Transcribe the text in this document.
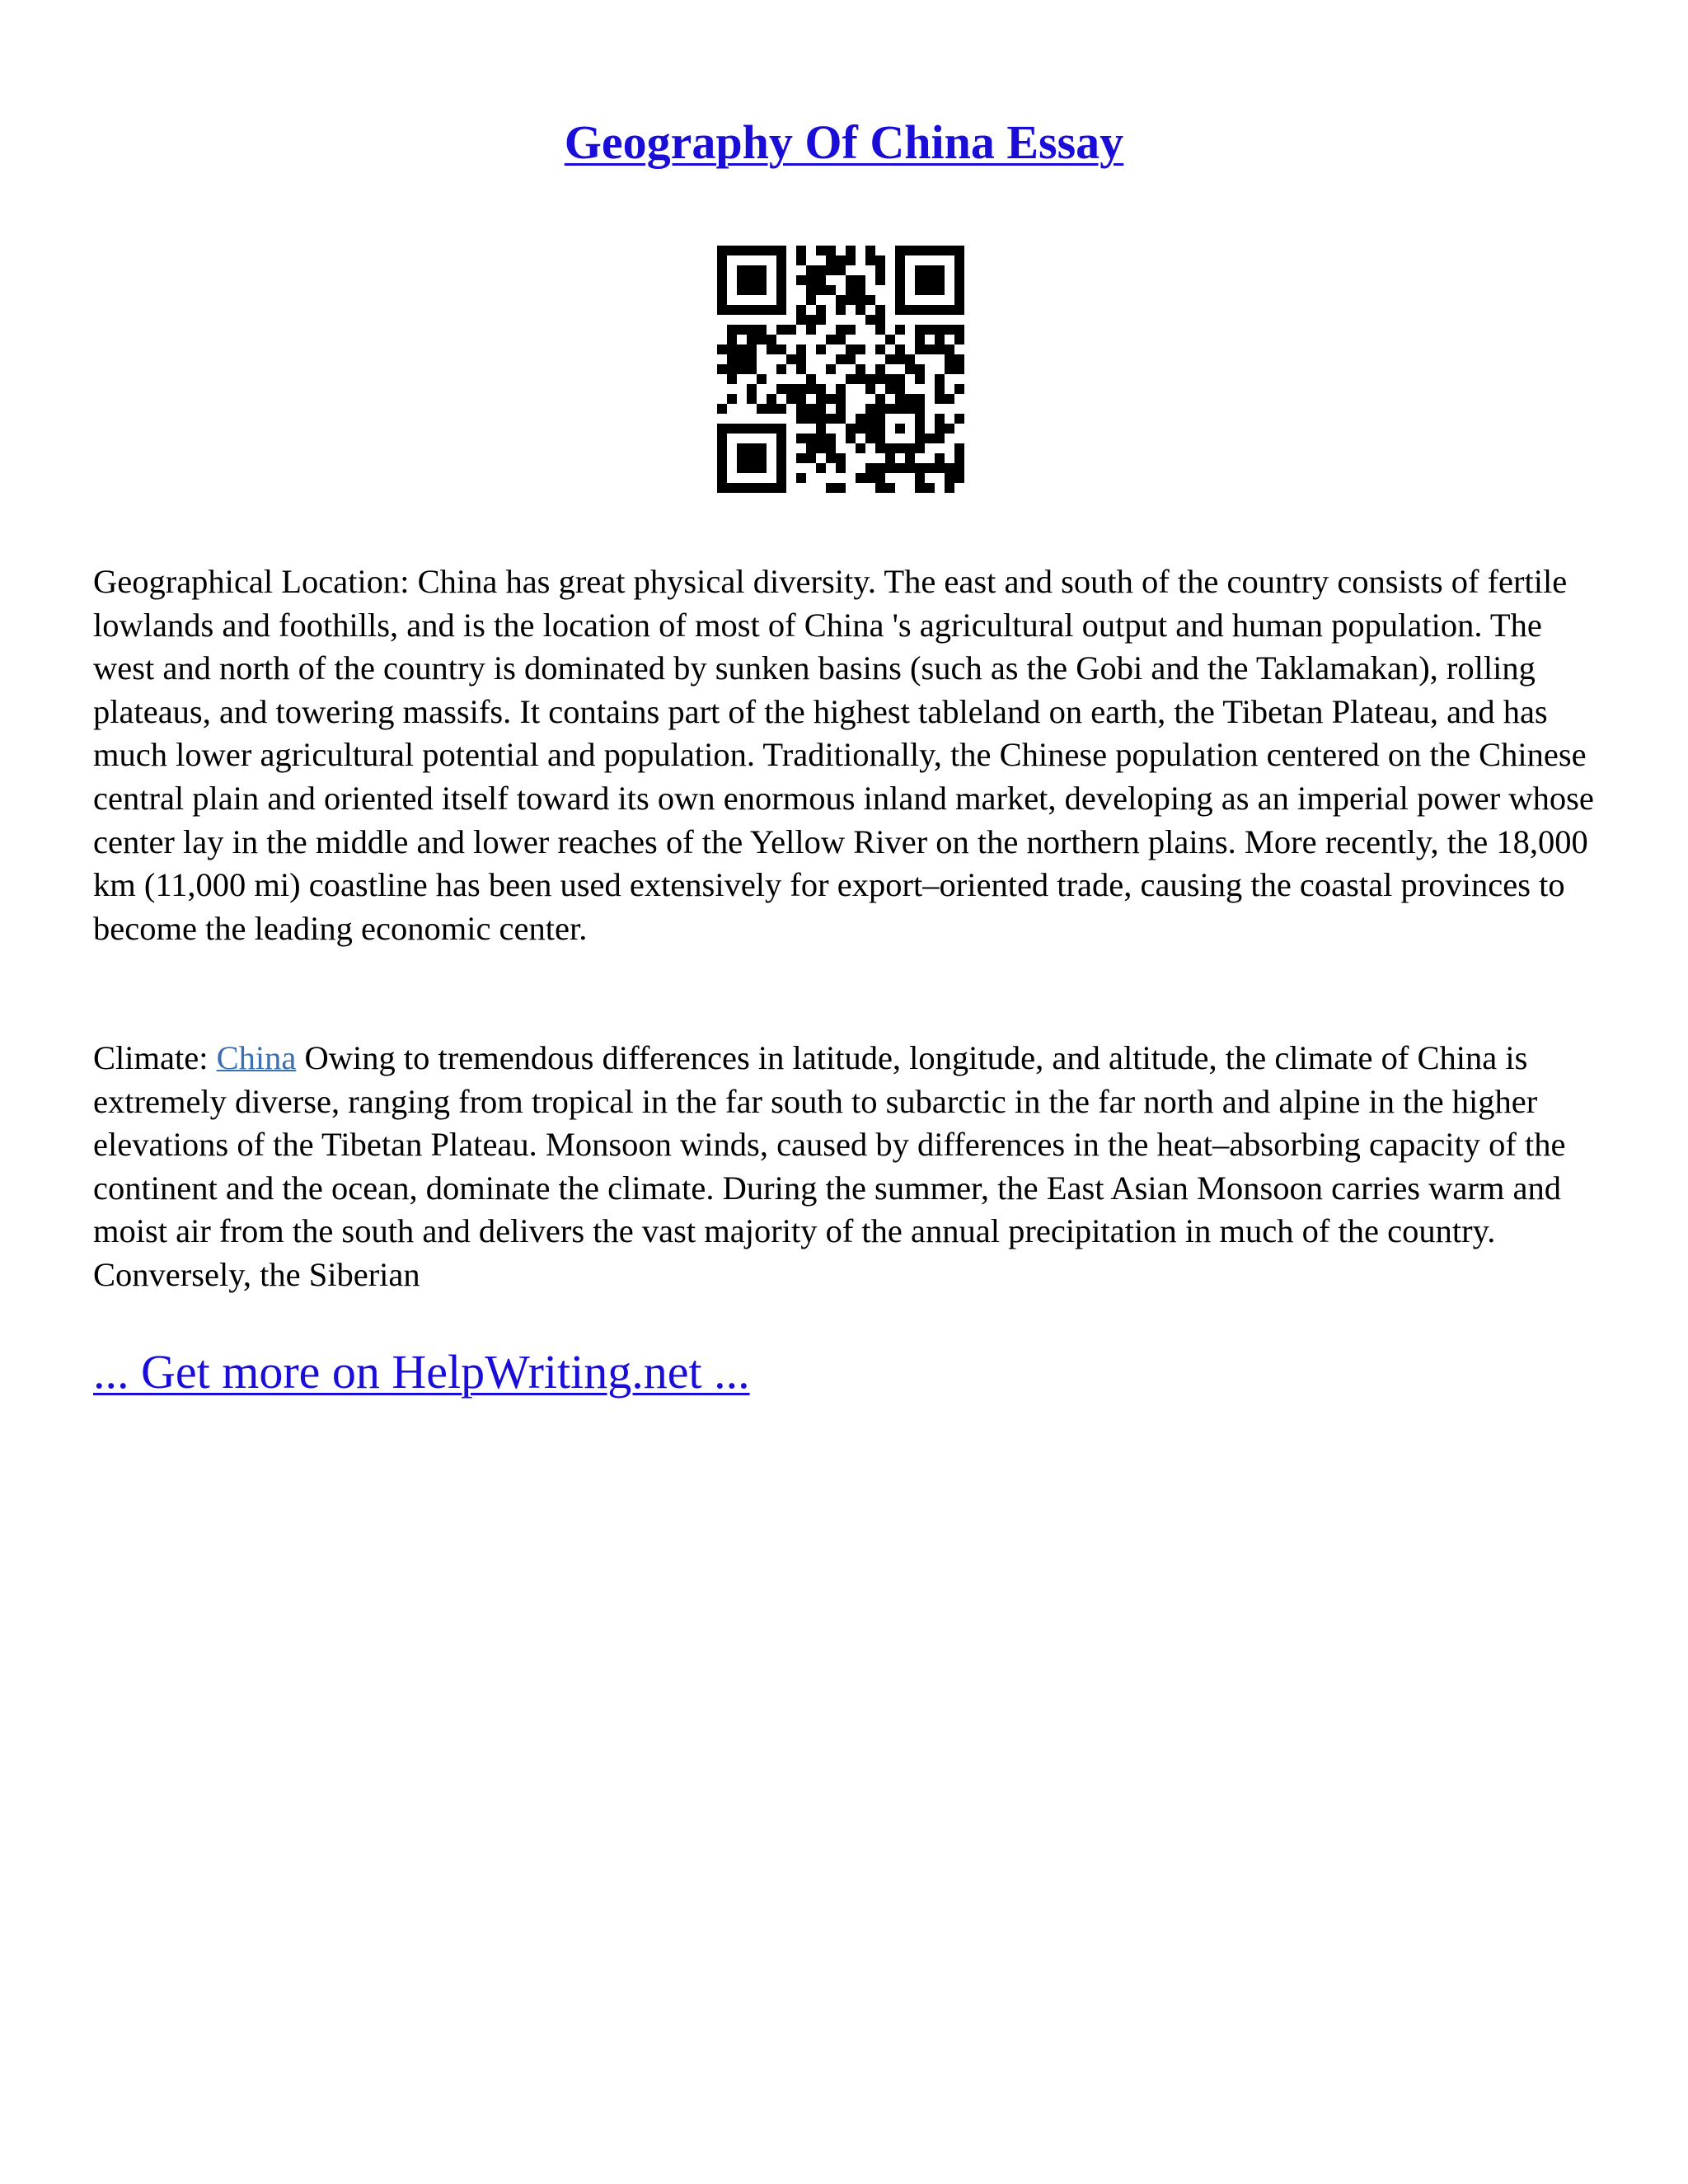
Geography Of China Essay

Geographical Location: China has great physical diversity. The east and south of the country consists of fertile lowlands and foothills, and is the location of most of China 's agricultural output and human population. The west and north of the country is dominated by sunken basins (such as the Gobi and the Taklamakan), rolling plateaus, and towering massifs. It contains part of the highest tableland on earth, the Tibetan Plateau, and has much lower agricultural potential and population. Traditionally, the Chinese population centered on the Chinese central plain and oriented itself toward its own enormous inland market, developing as an imperial power whose center lay in the middle and lower reaches of the Yellow River on the northern plains. More recently, the 18,000 km (11,000 mi) coastline has been used extensively for export–oriented trade, causing the coastal provinces to become the leading economic center.

Climate: China Owing to tremendous differences in latitude, longitude, and altitude, the climate of China is extremely diverse, ranging from tropical in the far south to subarctic in the far north and alpine in the higher elevations of the Tibetan Plateau. Monsoon winds, caused by differences in the heat–absorbing capacity of the continent and the ocean, dominate the climate. During the summer, the East Asian Monsoon carries warm and moist air from the south and delivers the vast majority of the annual precipitation in much of the country. Conversely, the Siberian

... Get more on HelpWriting.net ...
